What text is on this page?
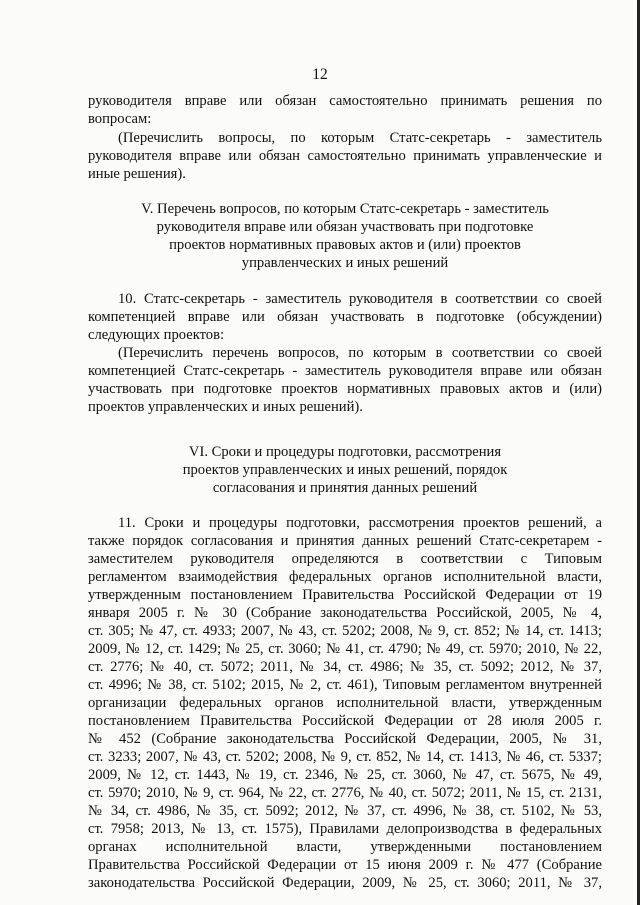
12
руководителя вправе или обязан самостоятельно принимать решения по
вопросам:
(Перечислить вопросы, по которым Статс-секретарь - заместитель
руководителя вправе или обязан самостоятельно принимать управленческие и
иные решения).
V. Перечень вопросов, по которым Статс-секретарь - заместитель
руководителя вправе или обязан участвовать при подготовке
проектов нормативных правовых актов и (или) проектов
управленческих и иных решений
10. Статс-секретарь - заместитель руководителя в соответствии со своей
компетенцией вправе или обязан участвовать в подготовке (обсуждении)
следующих проектов:
(Перечислить перечень вопросов, по которым в соответствии со своей
компетенцией Статс-секретарь - заместитель руководителя вправе или обязан
участвовать при подготовке проектов нормативных правовых актов и (или)
проектов управленческих и иных решений).
VI. Сроки и процедуры подготовки, рассмотрения
проектов управленческих и иных решений, порядок
согласования и принятия данных решений
11. Сроки и процедуры подготовки, рассмотрения проектов решений, а
также порядок согласования и принятия данных решений Статс-секретарем -
заместителем руководителя определяются в соответствии с Типовым
регламентом взаимодействия федеральных органов исполнительной власти,
утвержденным постановлением Правительства Российской Федерации от 19
января 2005 г. № 30 (Собрание законодательства Российской, 2005, № 4,
ст. 305; № 47, ст. 4933; 2007, № 43, ст. 5202; 2008, № 9, ст. 852; № 14, ст. 1413;
2009, № 12, ст. 1429; № 25, ст. 3060; № 41, ст. 4790; № 49, ст. 5970; 2010, № 22,
ст. 2776; № 40, ст. 5072; 2011, № 34, ст. 4986; № 35, ст. 5092; 2012, № 37,
ст. 4996; № 38, ст. 5102; 2015, № 2, ст. 461), Типовым регламентом внутренней
организации федеральных органов исполнительной власти, утвержденным
постановлением Правительства Российской Федерации от 28 июля 2005 г.
№ 452 (Собрание законодательства Российской Федерации, 2005, № 31,
ст. 3233; 2007, № 43, ст. 5202; 2008, № 9, ст. 852, № 14, ст. 1413, № 46, ст. 5337;
2009, № 12, ст. 1443, № 19, ст. 2346, № 25, ст. 3060, № 47, ст. 5675, № 49,
ст. 5970; 2010, № 9, ст. 964, № 22, ст. 2776, № 40, ст. 5072; 2011, № 15, ст. 2131,
№ 34, ст. 4986, № 35, ст. 5092; 2012, № 37, ст. 4996, № 38, ст. 5102, № 53,
ст. 7958; 2013, № 13, ст. 1575), Правилами делопроизводства в федеральных
органах исполнительной власти, утвержденными постановлением
Правительства Российской Федерации от 15 июня 2009 г. № 477 (Собрание
законодательства Российской Федерации, 2009, № 25, ст. 3060; 2011, № 37,
